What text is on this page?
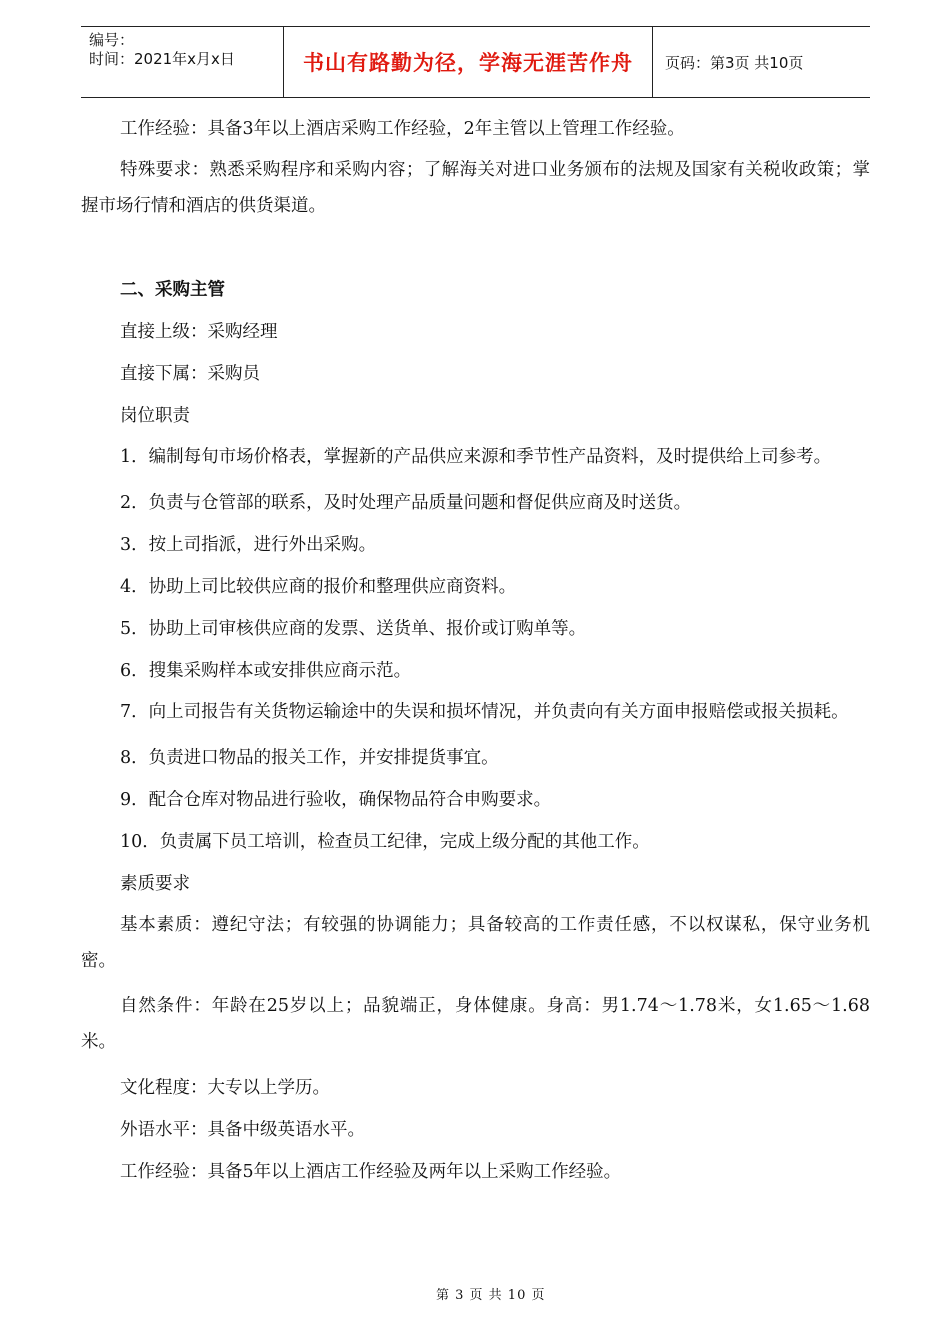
编号：
时间：2021年x月x日	书山有路勤为径，学海无涯苦作舟	页码：第3页 共10页

工作经验：具备3年以上酒店采购工作经验，2年主管以上管理工作经验。

特殊要求：熟悉采购程序和采购内容；了解海关对进口业务颁布的法规及国家有关税收政策；掌握市场行情和酒店的供货渠道。

二、采购主管

直接上级：采购经理

直接下属：采购员

岗位职责

1．编制每旬市场价格表，掌握新的产品供应来源和季节性产品资料，及时提供给上司参考。

2．负责与仓管部的联系，及时处理产品质量问题和督促供应商及时送货。

3．按上司指派，进行外出采购。

4．协助上司比较供应商的报价和整理供应商资料。

5．协助上司审核供应商的发票、送货单、报价或订购单等。

6．搜集采购样本或安排供应商示范。

7．向上司报告有关货物运输途中的失误和损坏情况，并负责向有关方面申报赔偿或报关损耗。

8．负责进口物品的报关工作，并安排提货事宜。

9．配合仓库对物品进行验收，确保物品符合申购要求。

10．负责属下员工培训，检查员工纪律，完成上级分配的其他工作。

素质要求

基本素质：遵纪守法；有较强的协调能力；具备较高的工作责任感，不以权谋私，保守业务机密。

自然条件：年龄在25岁以上；品貌端正，身体健康。身高：男1.74～1.78米，女1.65～1.68米。

文化程度：大专以上学历。

外语水平：具备中级英语水平。

工作经验：具备5年以上酒店工作经验及两年以上采购工作经验。

第 3 页 共 10 页
